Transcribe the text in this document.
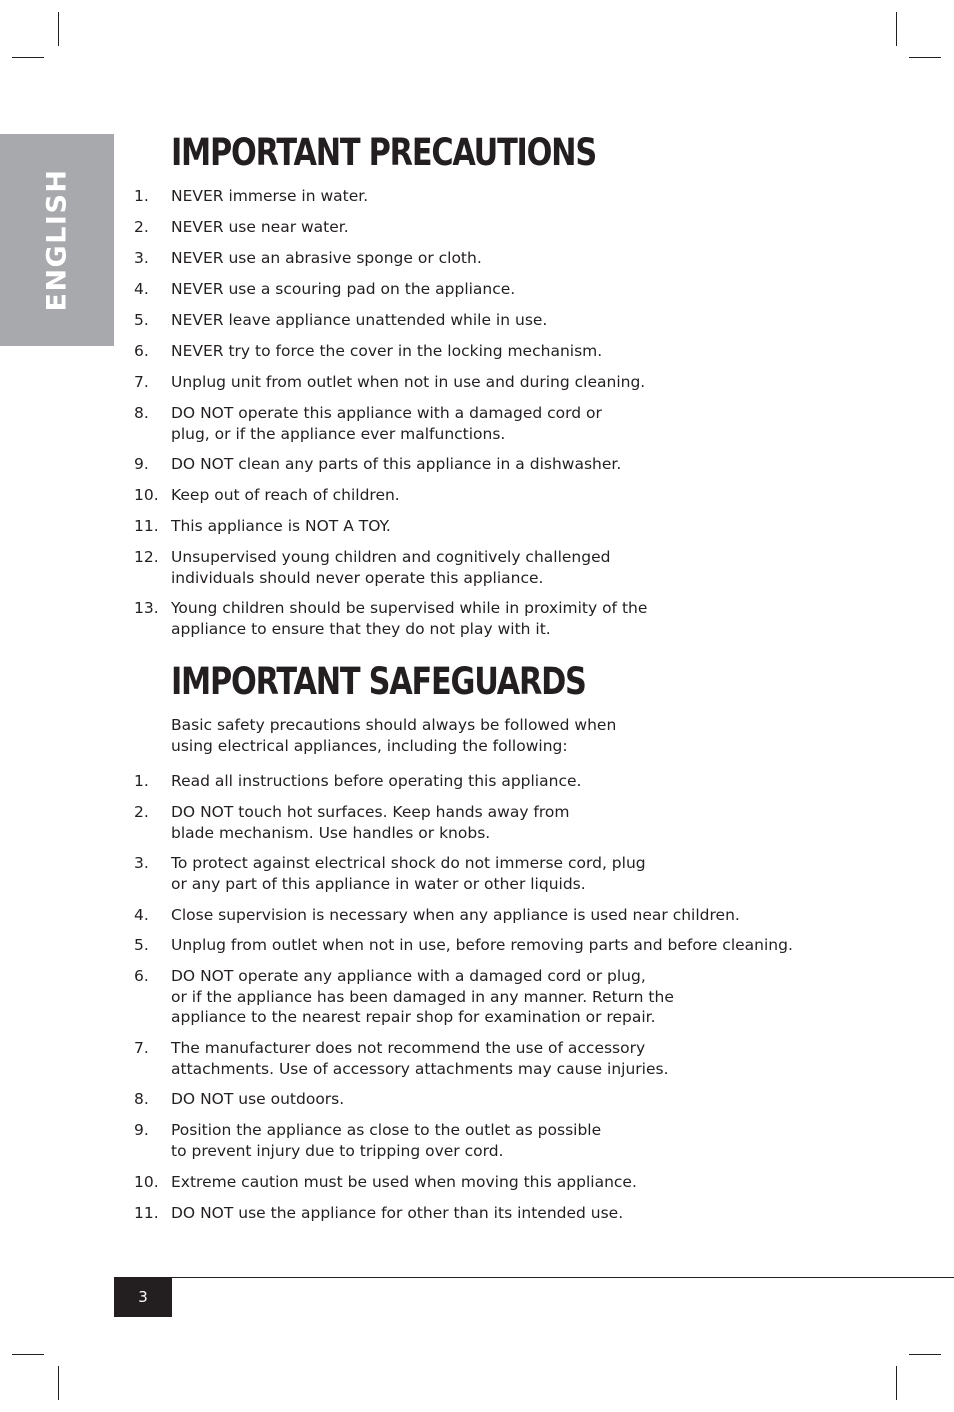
ENGLISH
IMPORTANT PRECAUTIONS
1. NEVER immerse in water.
2. NEVER use near water.
3. NEVER use an abrasive sponge or cloth.
4. NEVER use a scouring pad on the appliance.
5. NEVER leave appliance unattended while in use.
6. NEVER try to force the cover in the locking mechanism.
7. Unplug unit from outlet when not in use and during cleaning.
8. DO NOT operate this appliance with a damaged cord or
plug, or if the appliance ever malfunctions.
9. DO NOT clean any parts of this appliance in a dishwasher.
10. Keep out of reach of children.
11. This appliance is NOT A TOY.
12. Unsupervised young children and cognitively challenged
individuals should never operate this appliance.
13. Young children should be supervised while in proximity of the
appliance to ensure that they do not play with it.
IMPORTANT SAFEGUARDS
Basic safety precautions should always be followed when
using electrical appliances, including the following:
1. Read all instructions before operating this appliance.
2. DO NOT touch hot surfaces. Keep hands away from
blade mechanism. Use handles or knobs.
3. To protect against electrical shock do not immerse cord, plug
or any part of this appliance in water or other liquids.
4. Close supervision is necessary when any appliance is used near children.
5. Unplug from outlet when not in use, before removing parts and before cleaning.
6. DO NOT operate any appliance with a damaged cord or plug,
or if the appliance has been damaged in any manner. Return the
appliance to the nearest repair shop for examination or repair.
7. The manufacturer does not recommend the use of accessory
attachments. Use of accessory attachments may cause injuries.
8. DO NOT use outdoors.
9. Position the appliance as close to the outlet as possible
to prevent injury due to tripping over cord.
10. Extreme caution must be used when moving this appliance.
11. DO NOT use the appliance for other than its intended use.
3
